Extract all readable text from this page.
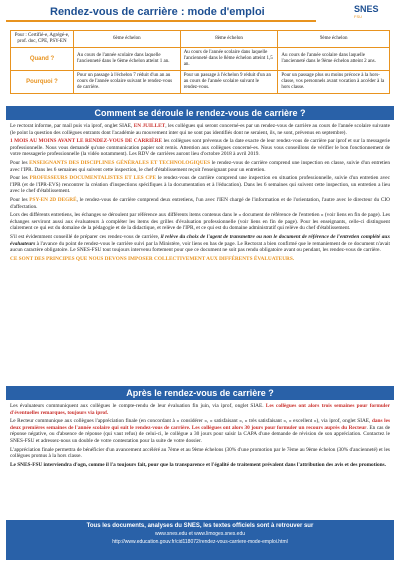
Rendez-vous de carrière : mode d'emploi	SNES
FSU
Pour : Certifié-e, Agrégé-e, prof. doc, CPE, PSY-EN	6ème échelon	8ème échelon	9ème échelon
Quand ?	Au cours de l'année scolaire dans laquelle l'ancienneté dans le 6ème échelon atteint 1 an.	Au cours de l'année scolaire dans laquelle l'ancienneté dans le 8ème échelon atteint 1,5 an.	Au cours de l'année scolaire dans laquelle l'ancienneté dans le 9ème échelon atteint 2 ans.
Pourquoi ?	Pour un passage à l'échelon 7 réduit d'un an au cours de l'année scolaire suivant le rendez-vous de carrière.	Pour un passage à l'échelon 9 réduit d'un an au cours de l'année scolaire suivant le rendez-vous.	Pour un passage plus ou moins précoce à la hors-classe, vos personnels avant vocation à accéder à la hors classe.
Comment se déroule le rendez-vous de carrière ?

Le rectorat informe, par mail puis via iprof, onglet SIAE, EN JUILLET, les collègues qui seront concerné-es par un rendez-vous de carrière au cours de l'année scolaire suivante (le point la question des collègues entrants dont l'académie au mouvement inter qui ne sont pas identifiés dont ne seraient, ils, ne sont, prévenus en septembre).

1 MOIS AU MOINS AVANT LE RENDEZ-VOUS DE CARRIÈRE les collègues sont prévenus de la date exacte de leur rendez-vous de carrière par iprof et sur la messagerie professionnelle. Nous vous demandé qu'une communication papier soit remis. Attention aux collègues concerné-es. Nous vous conseillons de vérifier le bon fonctionnement de votre messagerie professionnelle (la vidéo notamment). Les RDV de carrières auront lieu d'octobre 2018 à avril 2019.

Pour les ENSEIGNANTS DES DISCIPLINES GÉNÉRALES ET TECHNOLOGIQUES le rendez-vous de carrière comprend une inspection en classe, suivie d'un entretien avec l'IPR. Dans les 6 semaines qui suivent cette inspection, le chef d'établissement reçoit l'enseignant pour un entretien.

Pour les PROFESSEURS DOCUMENTALISTES ET LES CPE le rendez-vous de carrière comprend une inspection en situation professionnelle, suivie d'un entretien avec l'IPR (et de l'IPR-EVS) rencontrer la création d'inspections spécifiques à la documentation et à l'éducation). Dans les 6 semaines qui suivent cette inspection, un entretien a lieu avec le chef d'établissement.

Pour les PSY-EN 2D DEGRÉ, le rendez-vous de carrière comprend deux entretiens, l'un avec l'IEN chargé de l'information et de l'orientation, l'autre avec le directeur du CIO d'affectation.

Lors des différents entretiens, les échanges se déroulent par référence aux différents items contenus dans le « document de référence de l'entretien » (voir liens en fin de page). Les échanges serviront aussi aux évaluateurs à compléter les items des grilles d'évaluation professionnelle (voir liens en fin de page). Pour les enseignants, celle-ci distinguent clairement ce qui est du domaine de la pédagogie et de la didactique, et relève de l'IPR, et ce qui est du domaine administratif qui relève du chef d'établissement.

S'il est évidemment conseillé de préparer ces rendez-vous de carrière, il relève du choix de l'agent de transmettre ou non le document de référence de l'entretien complété aux évaluateurs à l'avance du point de rendez-vous le carrière suivi par la Ministère, voir liens en bas de page. Le Rectorat a bien confirmé que le remaniement de ce document n'avait aucun caractère obligatoire. Le SNES-FSU tout toujours intervenu fortement pour que ce document ne soit pas rendu obligatoire avant ou pendant, les rendez-vous de carrière.

CE SONT DES PRINCIPES QUE NOUS DEVONS IMPOSER COLLECTIVEMENT AUX DIFFÉRENTS ÉVALUATEURS.

Après le rendez-vous de carrière ?

Les évaluateurs communiquent aux collègues le compte-rendu de leur évaluation fin juin, via iprof, onglet SIAE. Les collègues ont alors trois semaines pour formuler d'éventuelles remarques, toujours via iprof.

Le Recteur communique aux collègues l'appréciation finale (en concordant à « considérer », « satisfaisant », « très satisfaisant », « excellent »), via iprof, onglet SIAE, dans les deux premières semaines de l'année scolaire qui suit le rendez-vous de carrière. Les collègues ont alors 30 jours pour formuler un recours auprès du Recteur. En cas de réponse négative, ou d'absence de réponse (qui vaut refus) de celui-ci, le collègue a 30 jours pour saisir la CAPA d'une demande de révision de son appréciation. Contactez le SNES-FSU et adressez-nous un double de votre contestation pour la suite de votre dossier.

L'appréciation finale permettra de bénéficier d'un avancement accéléré au 7ème et au 9ème échelons (30% d'une promotion par le 7ème au 9ème échelon (30% d'ancienneté) et les collègues promus à la hors classe.

Le SNES-FSU interviendra d'ogn, comme il l'a toujours fait, pour que la transparence et l'égalité de traitement prévalent dans l'attribution des avis et des promotions.

Tous les documents, analyses du SNES, les textes officiels sont à retrouver sur
www.snes.edu et www.limoges.snes.edu
http://www.education.gouv.fr/cid118072/rendez-vous-carriere-mode-emploi.html
